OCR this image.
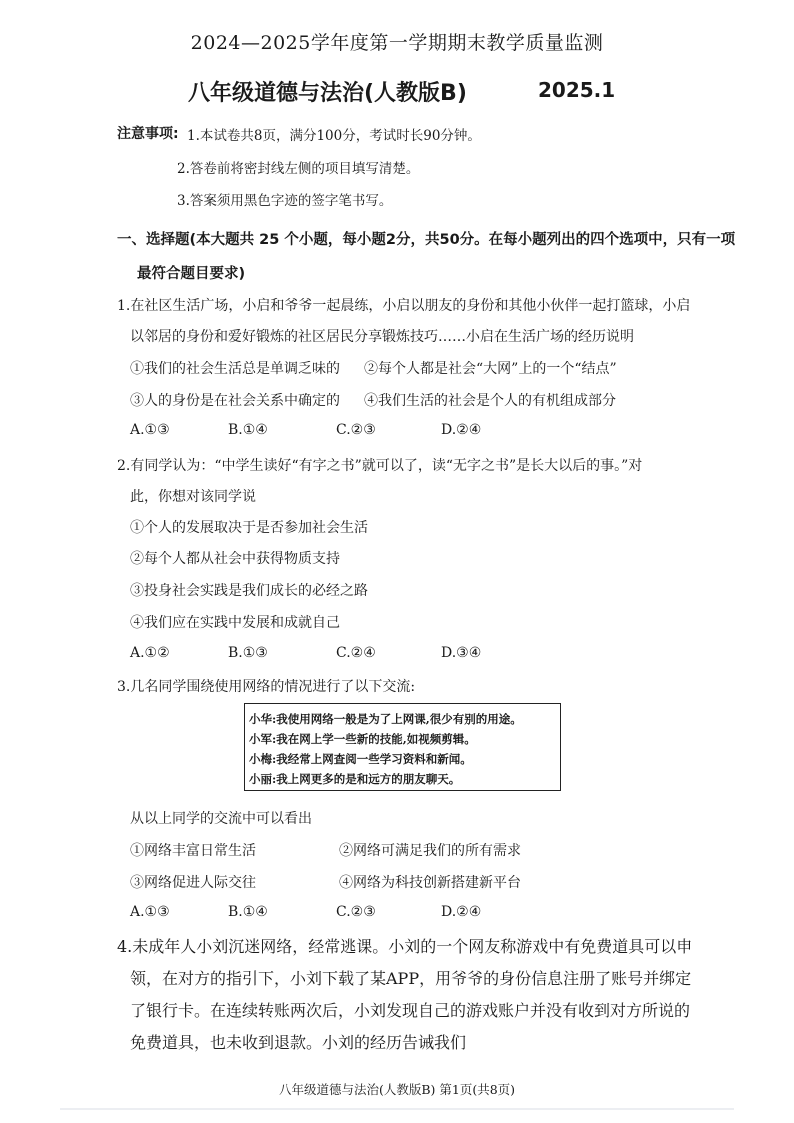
2024—2025学年度第一学期期末教学质量监测
八年级道德与法治(人教版B)	2025.1
注意事项: 1.本试卷共8页，满分100分，考试时长90分钟。
2.答卷前将密封线左侧的项目填写清楚。
3.答案须用黑色字迹的签字笔书写。
一、选择题(本大题共 25 个小题，每小题2分，共50分。在每小题列出的四个选项中，只有一项
最符合题目要求)
1.在社区生活广场，小启和爷爷一起晨练，小启以朋友的身份和其他小伙伴一起打篮球，小启
以邻居的身份和爱好锻炼的社区居民分享锻炼技巧……小启在生活广场的经历说明
①我们的社会生活总是单调乏味的 ②每个人都是社会“大网”上的一个“结点”
③人的身份是在社会关系中确定的 ④我们生活的社会是个人的有机组成部分
A.①③	B.①④	C.②③	D.②④
2.有同学认为：“中学生读好“有字之书”就可以了，读“无字之书”是长大以后的事。”对
此，你想对该同学说
①个人的发展取决于是否参加社会生活
②每个人都从社会中获得物质支持
③投身社会实践是我们成长的必经之路
④我们应在实践中发展和成就自己
A.①②	B.①③	C.②④	D.③④
3.几名同学围绕使用网络的情况进行了以下交流:
小华:我使用网络一般是为了上网课,很少有别的用途。
小军:我在网上学一些新的技能,如视频剪辑。
小梅:我经常上网查阅一些学习资料和新闻。
小丽:我上网更多的是和远方的朋友聊天。
从以上同学的交流中可以看出
①网络丰富日常生活	②网络可满足我们的所有需求
③网络促进人际交往	④网络为科技创新搭建新平台
A.①③	B.①④	C.②③	D.②④
4.未成年人小刘沉迷网络，经常逃课。小刘的一个网友称游戏中有免费道具可以申
领，在对方的指引下，小刘下载了某APP，用爷爷的身份信息注册了账号并绑定
了银行卡。在连续转账两次后，小刘发现自己的游戏账户并没有收到对方所说的
免费道具，也未收到退款。小刘的经历告诫我们
八年级道德与法治(人教版B) 第1页(共8页)
